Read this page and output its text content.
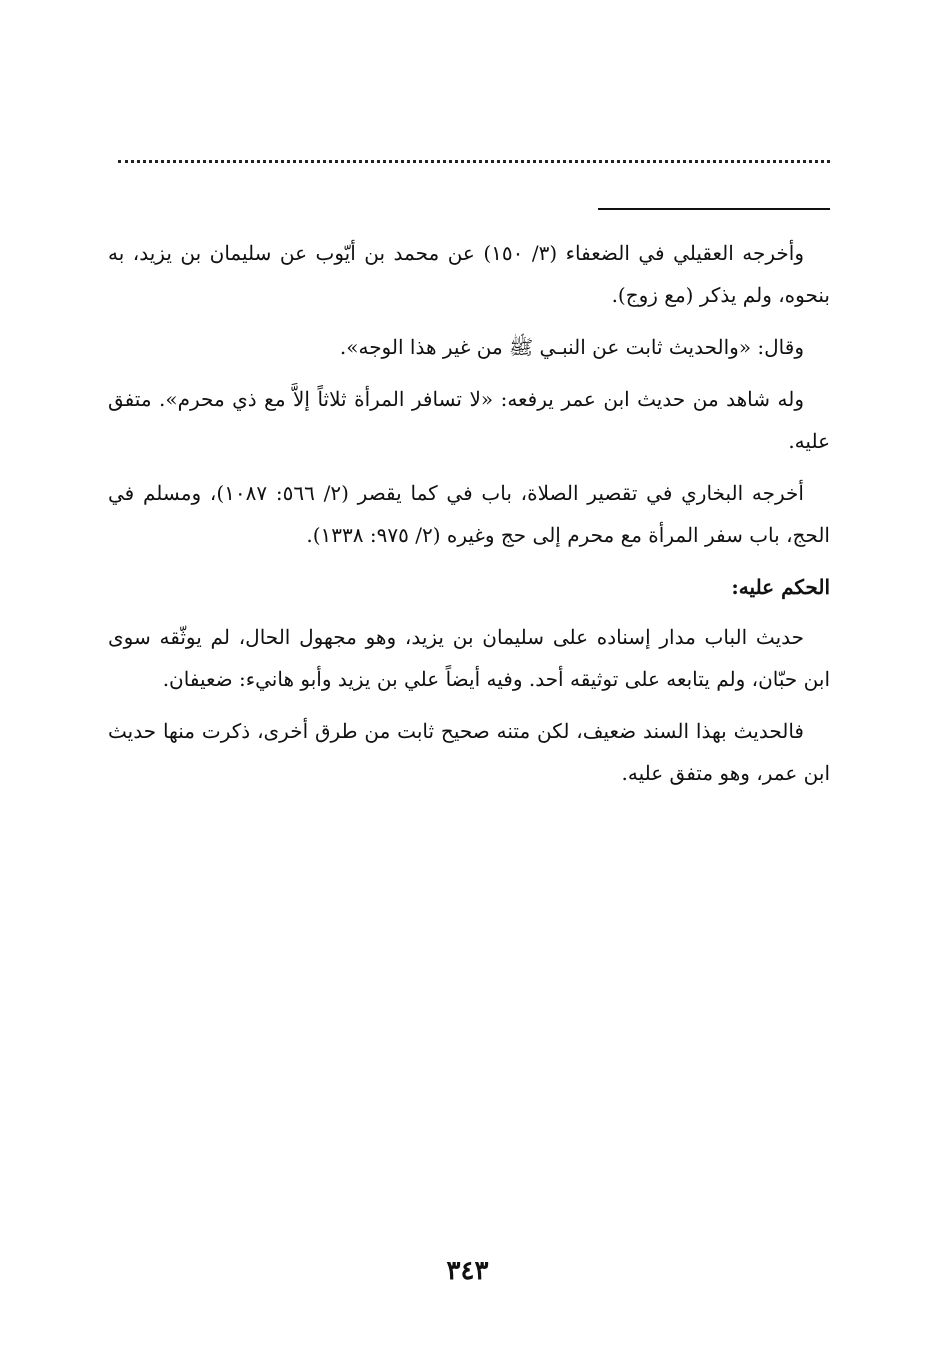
وأخرجه العقيلي في الضعفاء (٣/ ١٥٠) عن محمد بن أيّوب عن سليمان بن يزيد، به بنحوه، ولم يذكر (مع زوج).

وقال: «والحديث ثابت عن النبـي ﷺ من غير هذا الوجه».

وله شاهد من حديث ابن عمر يرفعه: «لا تسافر المرأة ثلاثاً إلاَّ مع ذي محرم». متفق عليه.

أخرجه البخاري في تقصير الصلاة، باب في كما يقصر (٢/ ٥٦٦: ١٠٨٧)، ومسلم في الحج، باب سفر المرأة مع محرم إلى حج وغيره (٢/ ٩٧٥: ١٣٣٨).

الحكم عليه:

حديث الباب مدار إسناده على سليمان بن يزيد، وهو مجهول الحال، لم يوثّقه سوى ابن حبّان، ولم يتابعه على توثيقه أحد. وفيه أيضاً علي بن يزيد وأبو هانيء: ضعيفان.

فالحديث بهذا السند ضعيف، لكن متنه صحيح ثابت من طرق أخرى، ذكرت منها حديث ابن عمر، وهو متفق عليه.

٣٤٣
